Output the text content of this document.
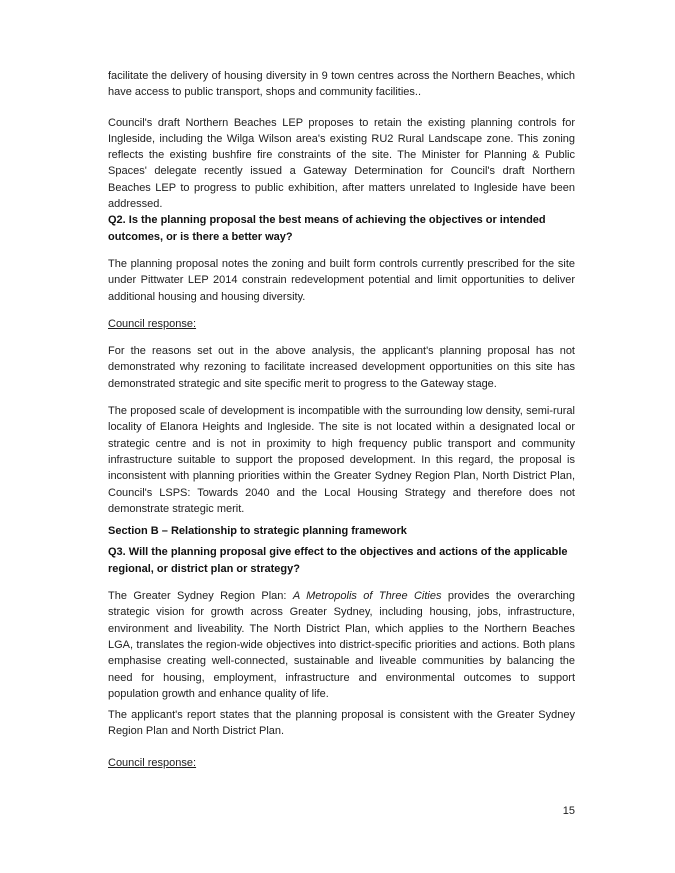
facilitate the delivery of housing diversity in 9 town centres across the Northern Beaches, which have access to public transport, shops and community facilities..

Council's draft Northern Beaches LEP proposes to retain the existing planning controls for Ingleside, including the Wilga Wilson area's existing RU2 Rural Landscape zone. This zoning reflects the existing bushfire fire constraints of the site. The Minister for Planning & Public Spaces' delegate recently issued a Gateway Determination for Council's draft Northern Beaches LEP to progress to public exhibition, after matters unrelated to Ingleside have been addressed.

Q2. Is the planning proposal the best means of achieving the objectives or intended outcomes, or is there a better way?

The planning proposal notes the zoning and built form controls currently prescribed for the site under Pittwater LEP 2014 constrain redevelopment potential and limit opportunities to deliver additional housing and housing diversity.

Council response:

For the reasons set out in the above analysis, the applicant's planning proposal has not demonstrated why rezoning to facilitate increased development opportunities on this site has demonstrated strategic and site specific merit to progress to the Gateway stage.

The proposed scale of development is incompatible with the surrounding low density, semi-rural locality of Elanora Heights and Ingleside. The site is not located within a designated local or strategic centre and is not in proximity to high frequency public transport and community infrastructure suitable to support the proposed development. In this regard, the proposal is inconsistent with planning priorities within the Greater Sydney Region Plan, North District Plan, Council's LSPS: Towards 2040 and the Local Housing Strategy and therefore does not demonstrate strategic merit.

Section B – Relationship to strategic planning framework
Q3. Will the planning proposal give effect to the objectives and actions of the applicable regional, or district plan or strategy?

The Greater Sydney Region Plan: A Metropolis of Three Cities provides the overarching strategic vision for growth across Greater Sydney, including housing, jobs, infrastructure, environment and liveability. The North District Plan, which applies to the Northern Beaches LGA, translates the region-wide objectives into district-specific priorities and actions. Both plans emphasise creating well-connected, sustainable and liveable communities by balancing the need for housing, employment, infrastructure and environmental outcomes to support population growth and enhance quality of life.

The applicant's report states that the planning proposal is consistent with the Greater Sydney Region Plan and North District Plan.

Council response:

15
